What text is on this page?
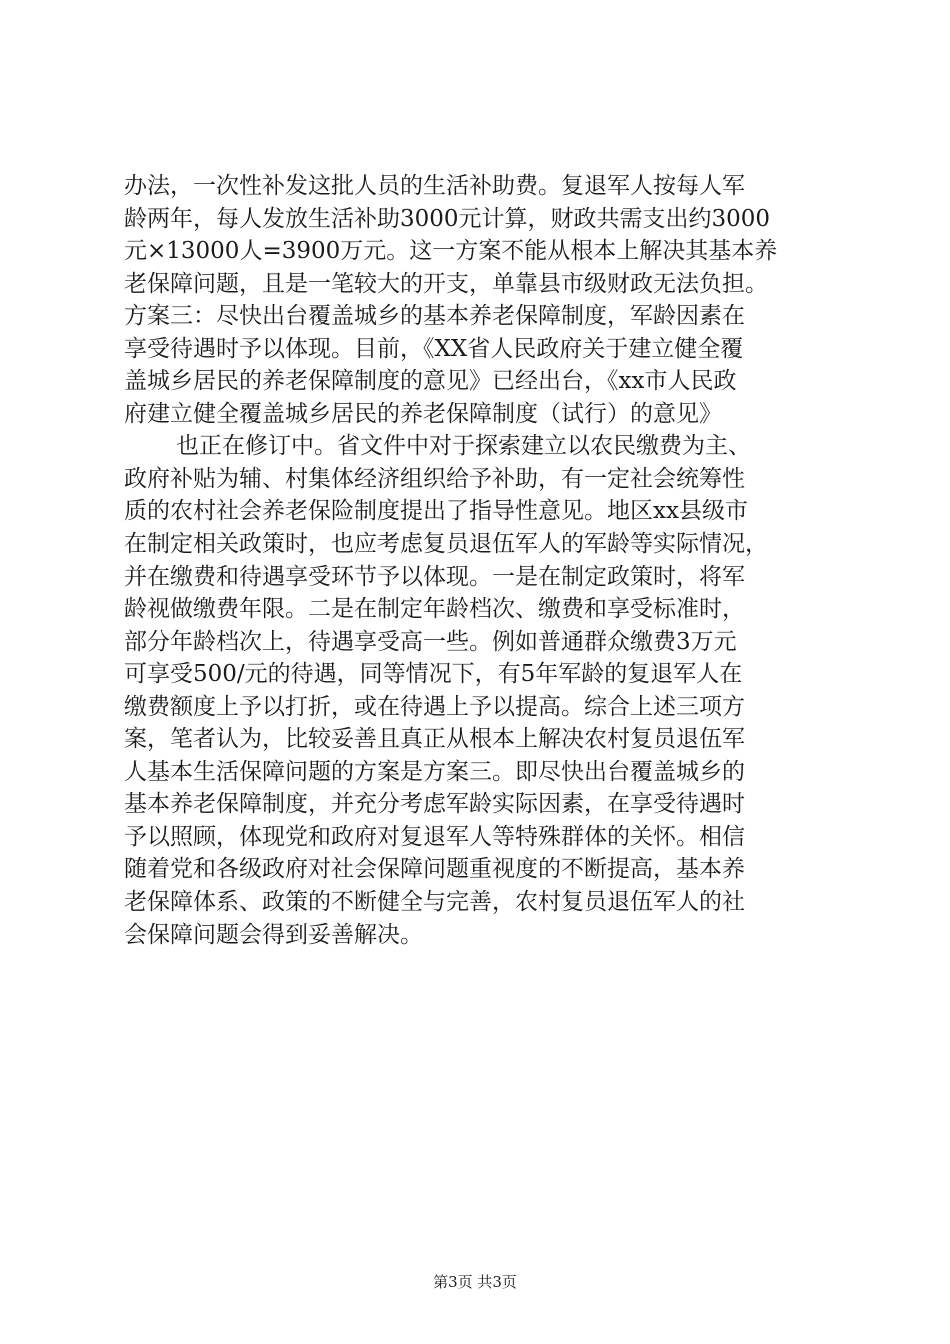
办法，一次性补发这批人员的生活补助费。复退军人按每人军
龄两年，每人发放生活补助3000元计算，财政共需支出约3000
元×13000人=3900万元。这一方案不能从根本上解决其基本养
老保障问题，且是一笔较大的开支，单靠县市级财政无法负担。
方案三：尽快出台覆盖城乡的基本养老保障制度，军龄因素在
享受待遇时予以体现。目前，《XX省人民政府关于建立健全覆
盖城乡居民的养老保障制度的意见》已经出台，《xx市人民政
府建立健全覆盖城乡居民的养老保障制度（试行）的意见》
也正在修订中。省文件中对于探索建立以农民缴费为主、
政府补贴为辅、村集体经济组织给予补助，有一定社会统筹性
质的农村社会养老保险制度提出了指导性意见。地区xx县级市
在制定相关政策时，也应考虑复员退伍军人的军龄等实际情况，
并在缴费和待遇享受环节予以体现。一是在制定政策时，将军
龄视做缴费年限。二是在制定年龄档次、缴费和享受标准时，
部分年龄档次上，待遇享受高一些。例如普通群众缴费3万元
可享受500/元的待遇，同等情况下，有5年军龄的复退军人在
缴费额度上予以打折，或在待遇上予以提高。综合上述三项方
案，笔者认为，比较妥善且真正从根本上解决农村复员退伍军
人基本生活保障问题的方案是方案三。即尽快出台覆盖城乡的
基本养老保障制度，并充分考虑军龄实际因素，在享受待遇时
予以照顾，体现党和政府对复退军人等特殊群体的关怀。相信
随着党和各级政府对社会保障问题重视度的不断提高，基本养
老保障体系、政策的不断健全与完善，农村复员退伍军人的社
会保障问题会得到妥善解决。
第3页 共3页
